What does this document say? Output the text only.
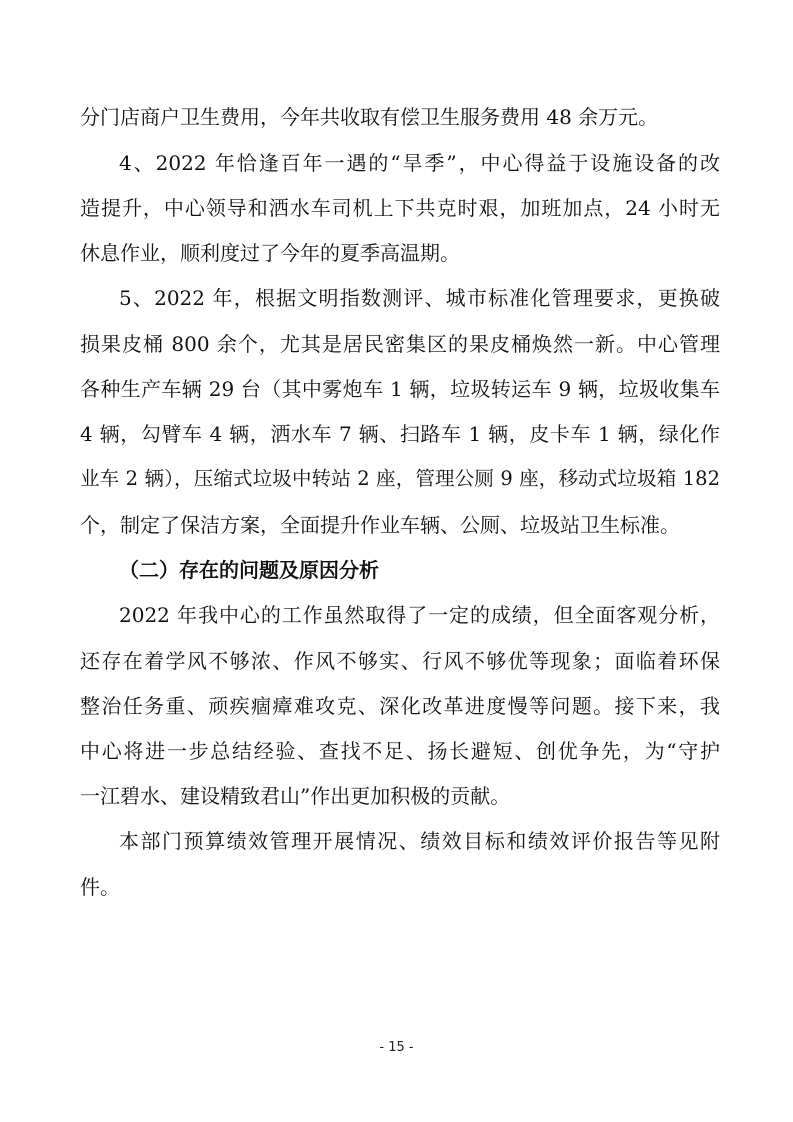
分门店商户卫生费用，今年共收取有偿卫生服务费用 48 余万元。
4、2022 年恰逢百年一遇的“旱季”，中心得益于设施设备的改
造提升，中心领导和洒水车司机上下共克时艰，加班加点，24 小时无
休息作业，顺利度过了今年的夏季高温期。
5、2022 年，根据文明指数测评、城市标准化管理要求，更换破
损果皮桶 800 余个，尤其是居民密集区的果皮桶焕然一新。中心管理
各种生产车辆 29 台（其中雾炮车 1 辆，垃圾转运车 9 辆，垃圾收集车
4 辆，勾臂车 4 辆，洒水车 7 辆、扫路车 1 辆，皮卡车 1 辆，绿化作
业车 2 辆），压缩式垃圾中转站 2 座，管理公厕 9 座，移动式垃圾箱 182
个，制定了保洁方案，全面提升作业车辆、公厕、垃圾站卫生标准。
（二）存在的问题及原因分析
2022 年我中心的工作虽然取得了一定的成绩，但全面客观分析，
还存在着学风不够浓、作风不够实、行风不够优等现象；面临着环保
整治任务重、顽疾痼瘴难攻克、深化改革进度慢等问题。接下来，我
中心将进一步总结经验、查找不足、扬长避短、创优争先，为“守护
一江碧水、建设精致君山”作出更加积极的贡献。
本部门预算绩效管理开展情况、绩效目标和绩效评价报告等见附
件。
- 15 -
